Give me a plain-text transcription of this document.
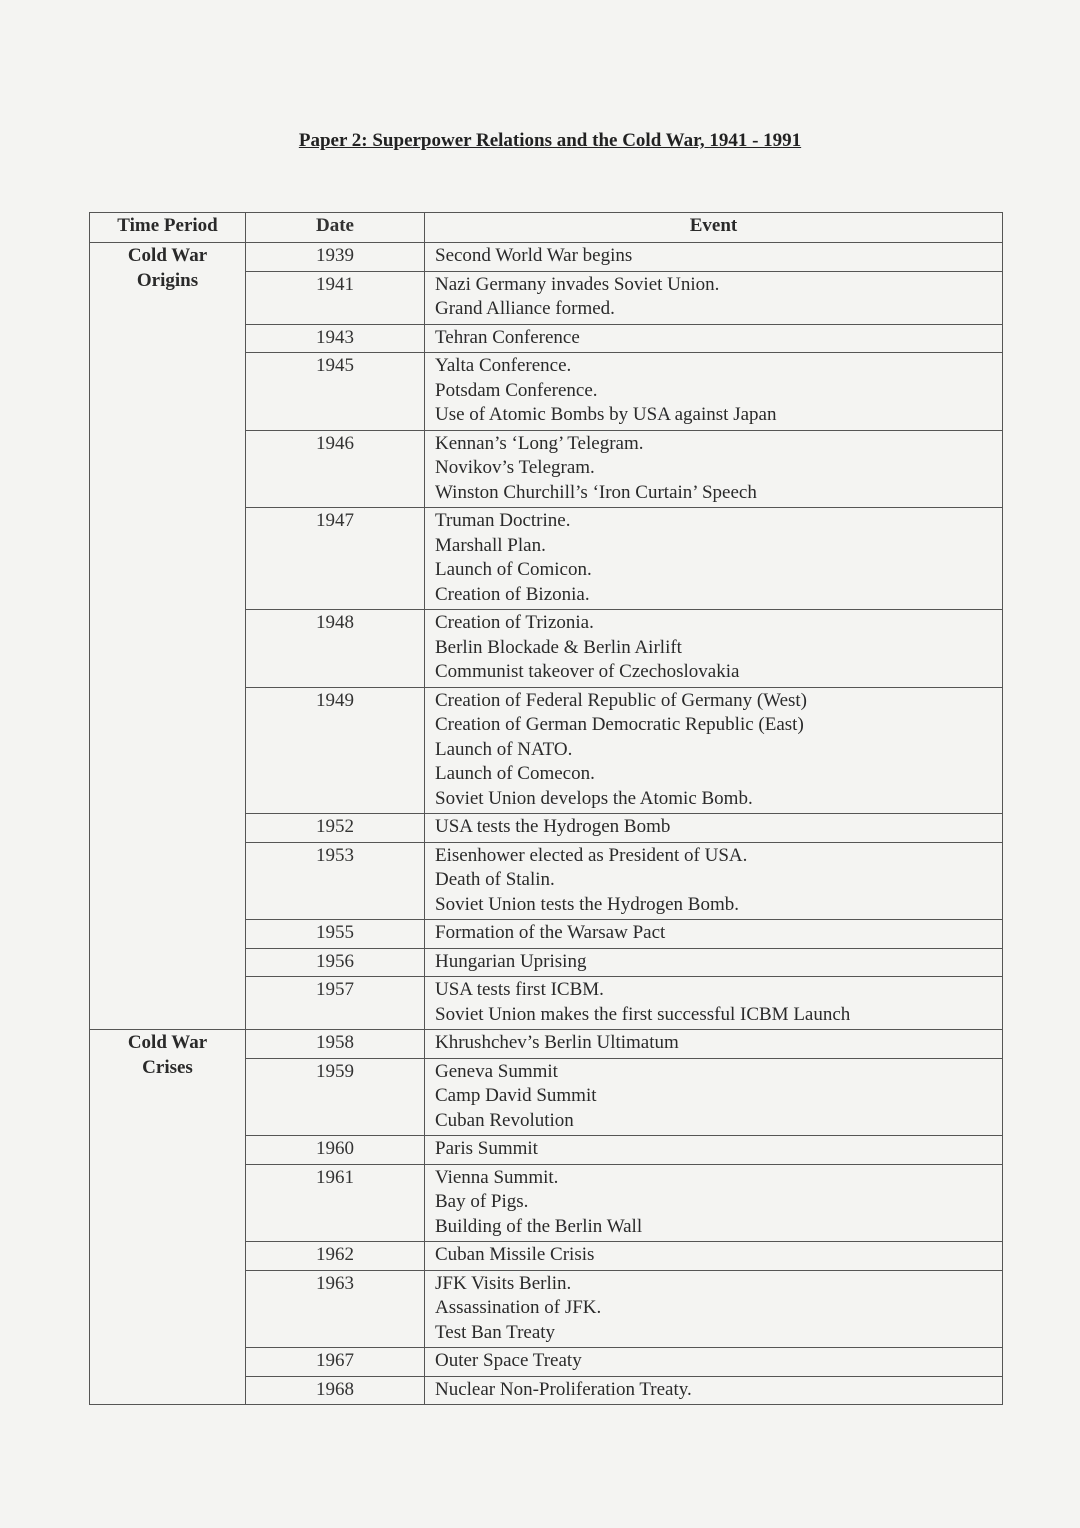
Paper 2: Superpower Relations and the Cold War, 1941 - 1991
Time Period	Date	Event

Cold War
Origins	1939	Second World War begins

	1941	Nazi Germany invades Soviet Union.
Grand Alliance formed.

	1943	Tehran Conference

	1945	Yalta Conference.
Potsdam Conference.
Use of Atomic Bombs by USA against Japan

	1946	Kennan’s ‘Long’ Telegram.
Novikov’s Telegram.
Winston Churchill’s ‘Iron Curtain’ Speech

	1947	Truman Doctrine.
Marshall Plan.
Launch of Comicon.
Creation of Bizonia.

	1948	Creation of Trizonia.
Berlin Blockade & Berlin Airlift
Communist takeover of Czechoslovakia

	1949	Creation of Federal Republic of Germany (West)
Creation of German Democratic Republic (East)
Launch of NATO.
Launch of Comecon.
Soviet Union develops the Atomic Bomb.

	1952	USA tests the Hydrogen Bomb

	1953	Eisenhower elected as President of USA.
Death of Stalin.
Soviet Union tests the Hydrogen Bomb.

	1955	Formation of the Warsaw Pact

	1956	Hungarian Uprising

	1957	USA tests first ICBM.
Soviet Union makes the first successful ICBM Launch

Cold War
Crises	1958	Khrushchev’s Berlin Ultimatum

	1959	Geneva Summit
Camp David Summit
Cuban Revolution

	1960	Paris Summit

	1961	Vienna Summit.
Bay of Pigs.
Building of the Berlin Wall

	1962	Cuban Missile Crisis

	1963	JFK Visits Berlin.
Assassination of JFK.
Test Ban Treaty

	1967	Outer Space Treaty

	1968	Nuclear Non-Proliferation Treaty.
